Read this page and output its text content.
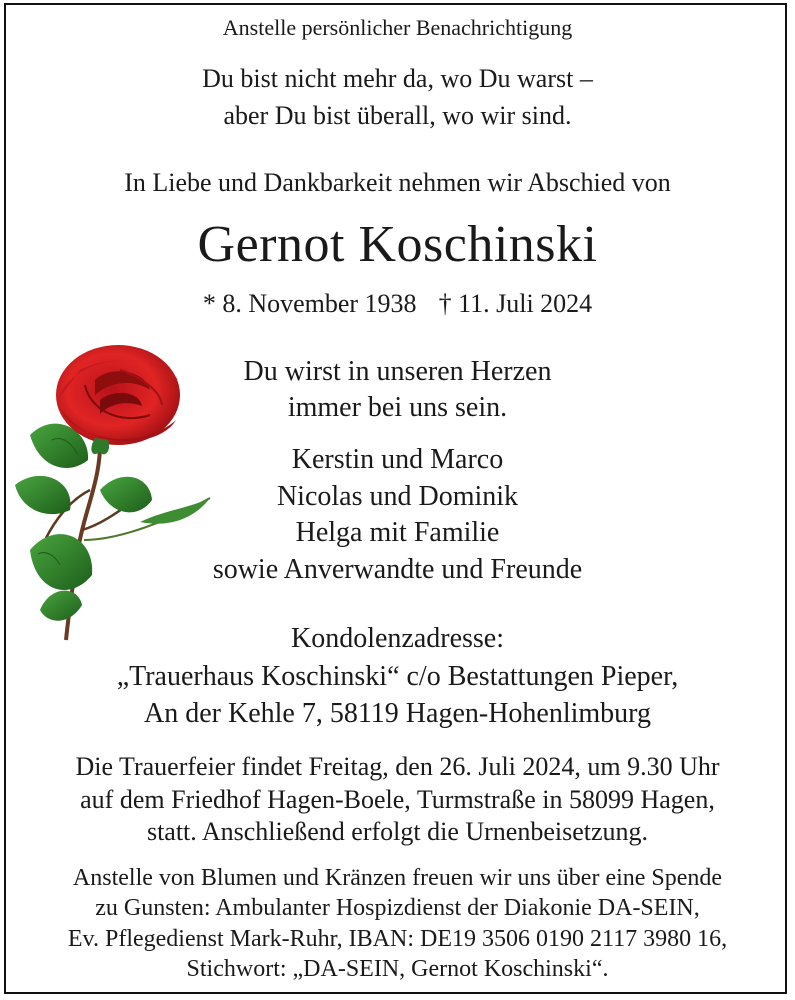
Anstelle persönlicher Benachrichtigung
Du bist nicht mehr da, wo Du warst –
aber Du bist überall, wo wir sind.
In Liebe und Dankbarkeit nehmen wir Abschied von
Gernot Koschinski
* 8. November 1938 † 11. Juli 2024
Du wirst in unseren Herzen
immer bei uns sein.
Kerstin und Marco
Nicolas und Dominik
Helga mit Familie
sowie Anverwandte und Freunde
Kondolenzadresse:
„Trauerhaus Koschinski“ c/o Bestattungen Pieper,
An der Kehle 7, 58119 Hagen-Hohenlimburg
Die Trauerfeier findet Freitag, den 26. Juli 2024, um 9.30 Uhr
auf dem Friedhof Hagen-Boele, Turmstraße in 58099 Hagen,
statt. Anschließend erfolgt die Urnenbeisetzung.
Anstelle von Blumen und Kränzen freuen wir uns über eine Spende
zu Gunsten: Ambulanter Hospizdienst der Diakonie DA-SEIN,
Ev. Pflegedienst Mark-Ruhr, IBAN: DE19 3506 0190 2117 3980 16,
Stichwort: „DA-SEIN, Gernot Koschinski“.
